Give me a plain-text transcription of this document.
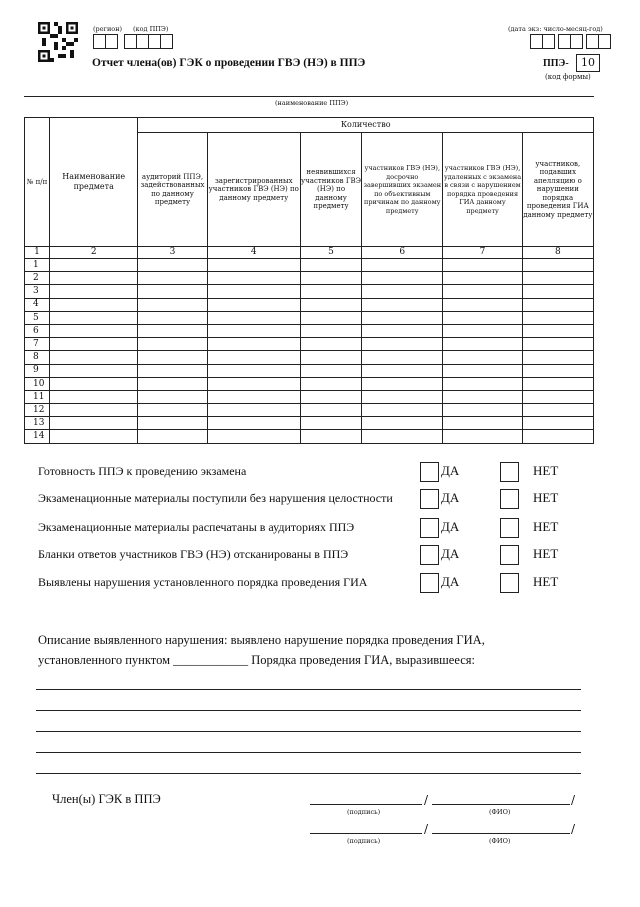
(регион) (код ППЭ)	(дата экз: число-месяц-год)
Отчет члена(ов) ГЭК о проведении ГВЭ (НЭ) в ППЭ	ППЭ-	10
(код формы)
(наименование ППЭ)
№ п/п	Наименование предмета	Количество					
		аудиторий ППЭ, задействованных по данному предмету	зарегистрированных участников ГВЭ (НЭ) по данному предмету	неявившихся участников ГВЭ (НЭ) по данному предмету	участников ГВЭ (НЭ), досрочно завершивших экзамен по объективным причинам по данному предмету	участников ГВЭ (НЭ), удаленных с экзамена в связи с нарушением порядка проведения ГИА данному предмету	участников, подавших апелляцию о нарушении порядка проведения ГИА данному предмету
1	2	3	4	5	6	7	8
1							
2							
3							
4							
5							
6							
7							
8							
9							
10							
11							
12							
13							
14							
Готовность ППЭ к проведению экзамена	ДА	НЕТ
Экзаменационные материалы поступили без нарушения целостности	ДА	НЕТ
Экзаменационные материалы распечатаны в аудиториях ППЭ	ДА	НЕТ
Бланки ответов участников ГВЭ (НЭ) отсканированы в ППЭ	ДА	НЕТ
Выявлены нарушения установленного порядка проведения ГИА	ДА	НЕТ
Описание выявленного нарушения: выявлено нарушение порядка проведения ГИА,
установленного пунктом ____________ Порядка проведения ГИА, выразившееся:
Член(ы) ГЭК в ППЭ	/	/
(подпись)	(ФИО)
/	/
(подпись)	(ФИО)
